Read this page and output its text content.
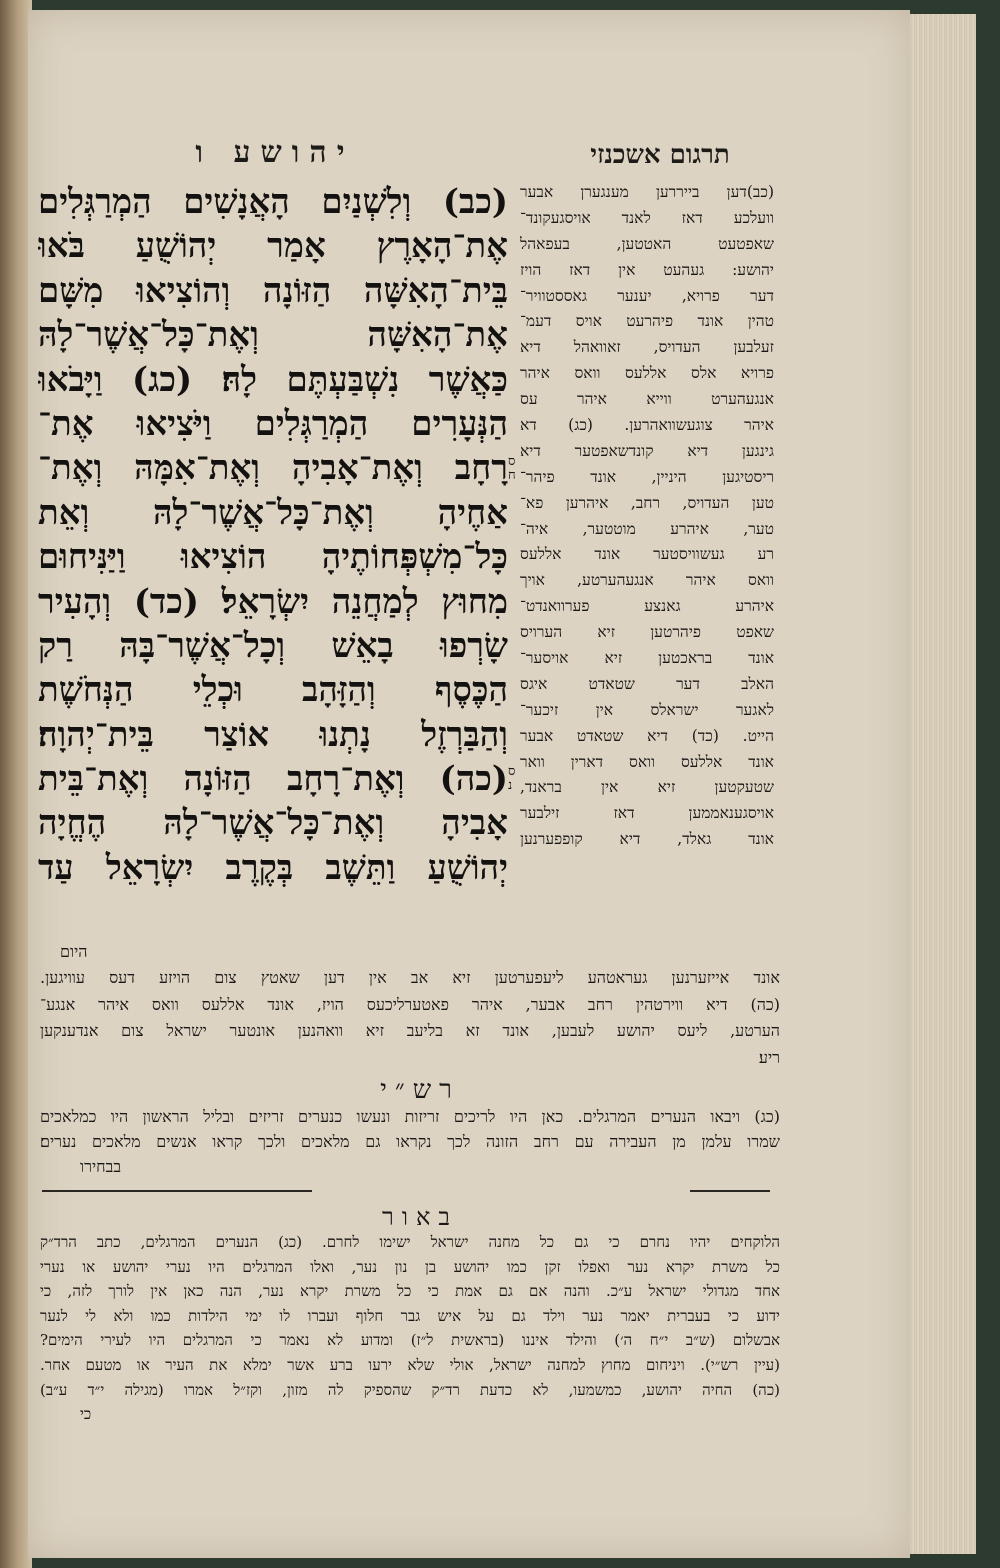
תרגום אשכנזי
יהושע ו
(כב) וְלִשְׁנַיִם הָאֲנָשִׁים הַמְרַגְּלִים
אֶת־הָאָרֶץ אָמַר יְהוֹשֻׁעַ בֹּאוּ
בֵּית־הָאִשָּׁה הַזּוֹנָה וְהוֹצִיאוּ מִשָּׁם
אֶת־הָאִשָּׁה וְאֶת־כָּל־אֲשֶׁר־לָהּ
כַּאֲשֶׁר נִשְׁבַּעְתֶּם לָהּ׃ (כג) וַיָּבֹאוּ
הַנְּעָרִים הַמְרַגְּלִים וַיֹּצִיאוּ אֶת־
רָחָב וְאֶת־אָבִיהָ וְאֶת־אִמָּהּ וְאֶת־
אַחֶיהָ וְאֶת־כָּל־אֲשֶׁר־לָהּ וְאֵת
כָּל־מִשְׁפְּחוֹתֶיהָ הוֹצִיאוּ וַיַּנִּיחוּם
מִחוּץ לְמַחֲנֵה יִשְׂרָאֵל׃ (כד) וְהָעִיר
שָׂרְפוּ בָאֵשׁ וְכָל־אֲשֶׁר־בָּהּ רַק
הַכֶּסֶף וְהַזָּהָב וּכְלֵי הַנְּחֹשֶׁת
וְהַבַּרְזֶל נָתְנוּ אוֹצַר בֵּית־יְהוָה׃
(כה) וְאֶת־רָחָב הַזּוֹנָה וְאֶת־בֵּית
אָבִיהָ וְאֶת־כָּל־אֲשֶׁר־לָהּ הֶחֱיָה
יְהוֹשֻׁעַ וַתֵּשֶׁב בְּקֶרֶב יִשְׂרָאֵל עַד
ס
ח
ס
נ
(כב)דען בייררען מענגערן אבער
וועלכע דאז לאנד אויסגעקונד־
שאפטעט האטטען, בעפאהל
יהושע: געהעט אין דאז הויז
דער פרויא, יענער גאססטוויר־
טהין אונד פיהרעט אויס דעמ־
זעלבען העדויס, זאוואהל דיא
פרויא אלס אללעס וואס איהר
אנגעהערט ווייא איהר עס
איהר צוגעשוואהרען. (כג) דא
גינגען דיא קונדשאפטער דיא
ריסטיגען היניין, אונד פיהר־
טען העדויס, רחב, איהרען פא־
טער, איהרע מוטטער, איה־
רע געשוויסטער אונד אללעס
וואס איהר אנגעהערטע, אויך
איהרע גאנצע פערוואנדט־
שאפט פיהרטען זיא הערויס
אונד בראכטען זיא אויסער־
האלב דער שטאדט איגס
לאגער ישראלס אין זיכער־
הייט. (כד) דיא שטאדט אבער
אונד אללעס וואס דארין וואר
שטעקטען זיא אין בראנד,
אויסגענאממען דאז זילבער
אונד גאלד, דיא קופפערנען
היום
אונד אייזערנען געראטהע ליעפערטען זיא אב אין דען שאטץ צום הויזע דעס עוויגען.
(כה) דיא ווירטהין רחב אבער, איהר פאטערליכעס הויז, אונד אללעס וואס איהר אנגע־
הערטע, ליעס יהושע לעבען, אונד זא בליעב זיא וואהנען אונטער ישראל צום אנדענקען
ריע׃
רש״י
(כג) ויבאו הנערים המרגלים. כאן היו לריכים זריזות ונעשו כנערים זריזים ובליל הראשון היו כמלאכים
שמרו עלמן מן העבירה עם רחב הזונה לכך נקראו גם מלאכים ולכך קראו אנשים מלאכים נערים׃
בבחירו
באור
הלוקחים יהיו נחרם כי גם כל מחנה ישראל ישימו לחרם. (כג) הנערים המרגלים, כתב הרד״ק
כל משרת יקרא נער ואפלו זקן כמו יהושע בן נון נער, ואלו המרגלים היו נערי יהושע או נערי
אחד מגדולי ישראל ע״כ. והנה אם גם אמת כי כל משרת יקרא נער, הנה כאן אין לורך לזה, כי
ידוע כי בעברית יאמר נער וילד גם על איש גבר חלוף ועברו לו ימי הילדות כמו ולא לי לנער
אבשלום (ש״ב י״ח ה׳) והילד איננו (בראשית ל״ז) ומדוע לא נאמר כי המרגלים היו לעירי הימים?
(עיין רש״י). ויניחום מחוץ למחנה ישראל, אולי שלא ירעו ברע אשר ימלא את העיר או מטעם אחר.
(כה) החיה יהושע, כמשמעו, לא כדעת רד״ק שהספיק לה מזון, וקז״ל אמרו (מגילה י״ד ע״ב)
כי
